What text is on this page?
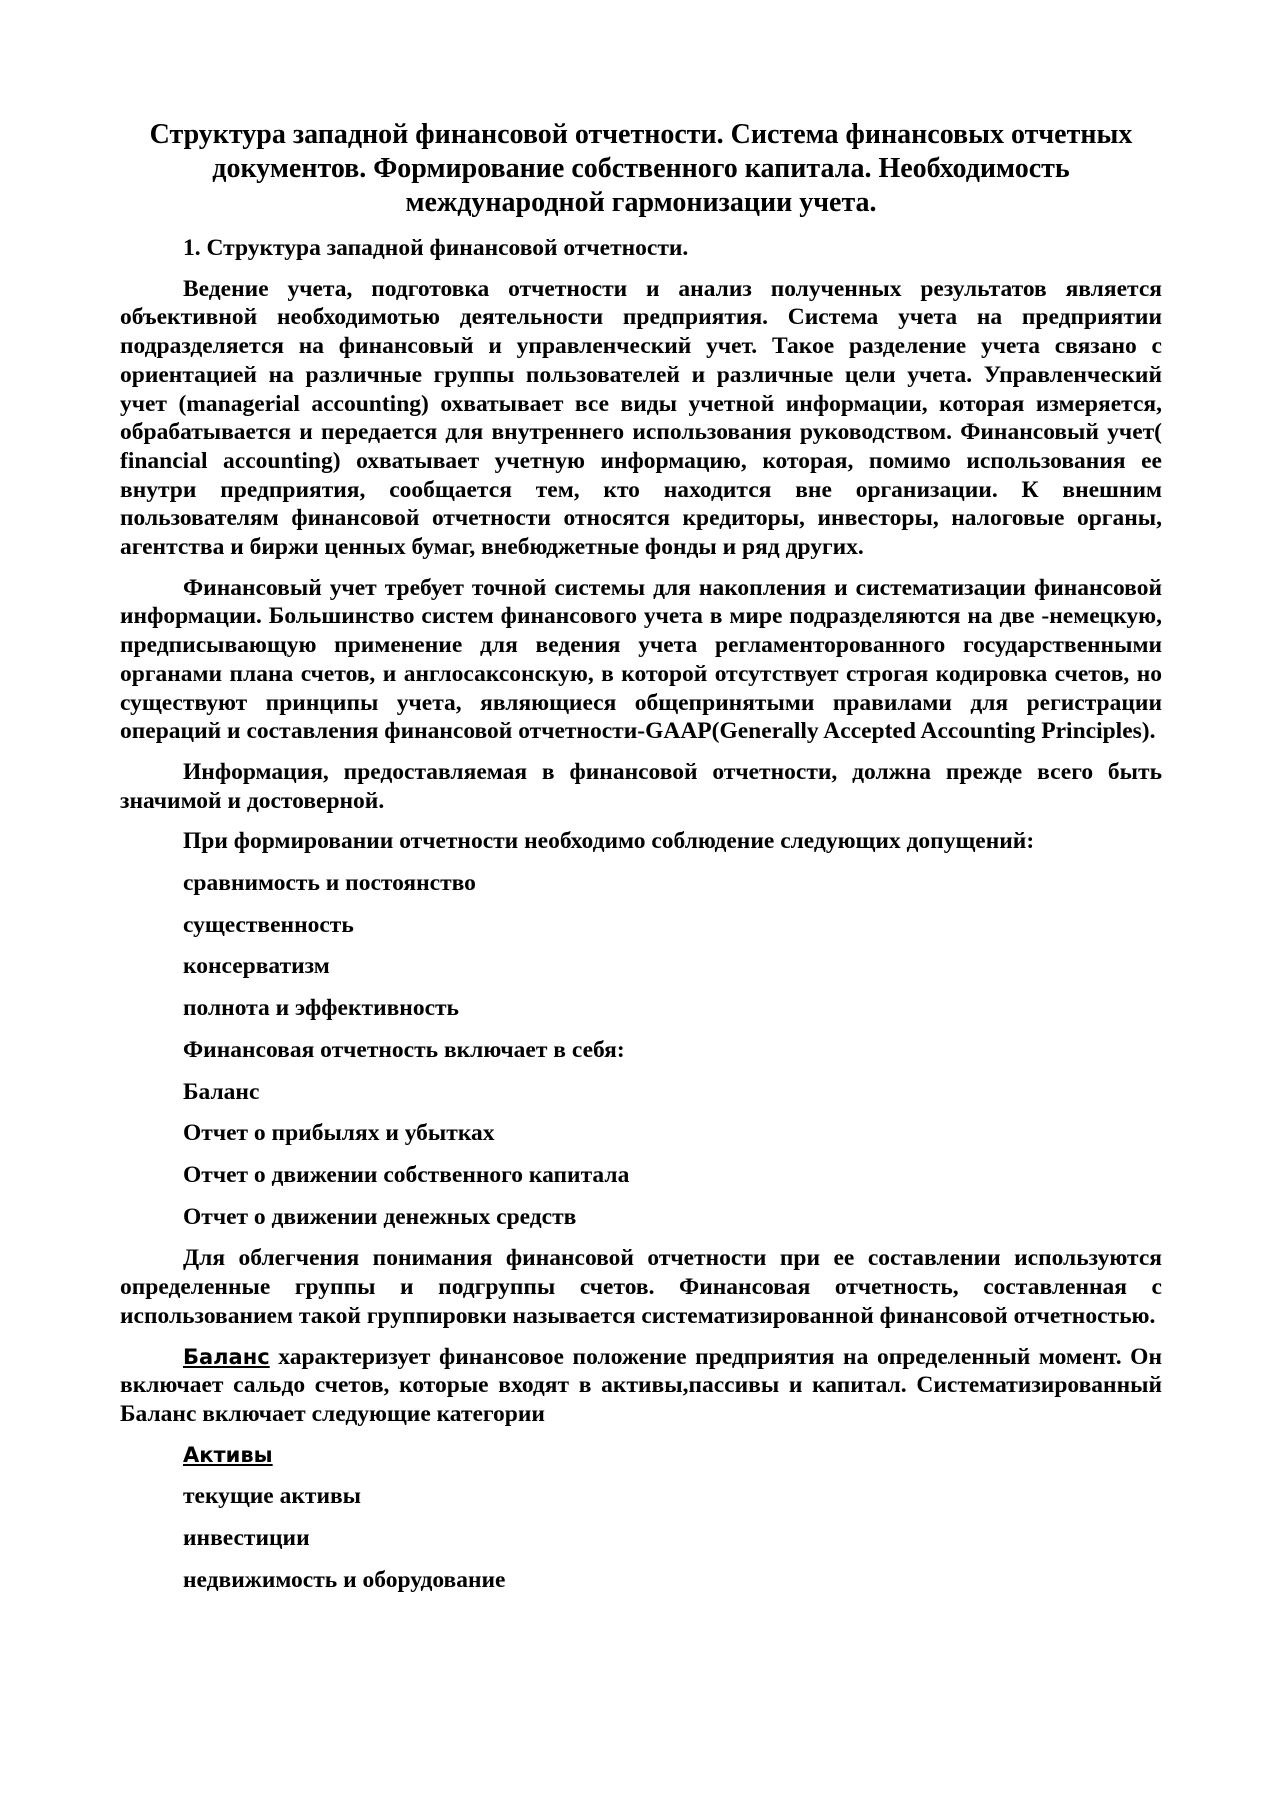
Структура западной финансовой отчетности. Система финансовых отчетных документов. Формирование собственного капитала. Необходимость международной гармонизации учета.
1. Структура западной финансовой отчетности.

Ведение учета, подготовка отчетности и анализ полученных результатов является объективной необходимотью деятельности предприятия. Система учета на предприятии подразделяется на финансовый и управленческий учет. Такое разделение учета связано с ориентацией на различные группы пользователей и различные цели учета. Управленческий учет (managerial accounting) охватывает все виды учетной информации, которая измеряется, обрабатывается и передается для внутреннего использования руководством. Финансовый учет( financial accounting) охватывает учетную информацию, которая, помимо использования ее внутри предприятия, сообщается тем, кто находится вне организации. К внешним пользователям финансовой отчетности относятся кредиторы, инвесторы, налоговые органы, агентства и биржи ценных бумаг, внебюджетные фонды и ряд других.

Финансовый учет требует точной системы для накопления и систематизации финансовой информации. Большинство систем финансового учета в мире подразделяются на две -немецкую, предписывающую применение для ведения учета регламенторованного государственными органами плана счетов, и англосаксонскую, в которой отсутствует строгая кодировка счетов, но существуют принципы учета, являющиеся общепринятыми правилами для регистрации операций и составления финансовой отчетности-GAAP(Generally Accepted Accounting Principles).

Информация, предоставляемая в финансовой отчетности, должна прежде всего быть значимой и достоверной.

При формировании отчетности необходимо соблюдение следующих допущений:
сравнимость и постоянство
существенность
консерватизм
полнота и эффективность
Финансовая отчетность включает в себя:
Баланс
Отчет о прибылях и убытках
Отчет о движении собственного капитала
Отчет о движении денежных средств

Для облегчения понимания финансовой отчетности при ее составлении используются определенные группы и подгруппы счетов. Финансовая отчетность, составленная с использованием такой группировки называется систематизированной финансовой отчетностью.

Баланс характеризует финансовое положение предприятия на определенный момент. Он включает сальдо счетов, которые входят в активы,пассивы и капитал. Систематизированный Баланс включает следующие категории

Активы
текущие активы
инвестиции
недвижимость и оборудование
